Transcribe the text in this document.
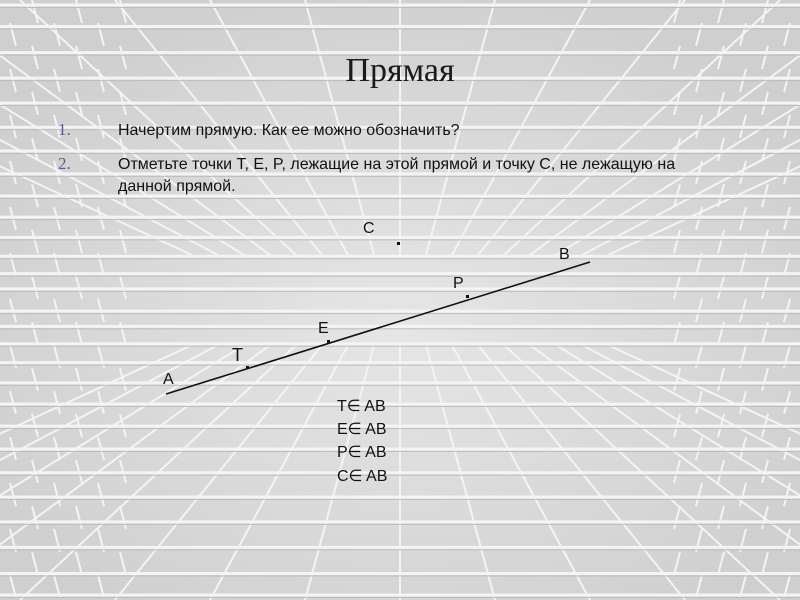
Прямая
1.	Начертим прямую. Как ее можно обозначить?
2.	Отметьте точки T, E, P, лежащие на этой прямой и точку C, не лежащую на данной прямой.
C
B
P
E
T
A
T∈ AB
E∈ AB
P∈ AB
C∈ AB
